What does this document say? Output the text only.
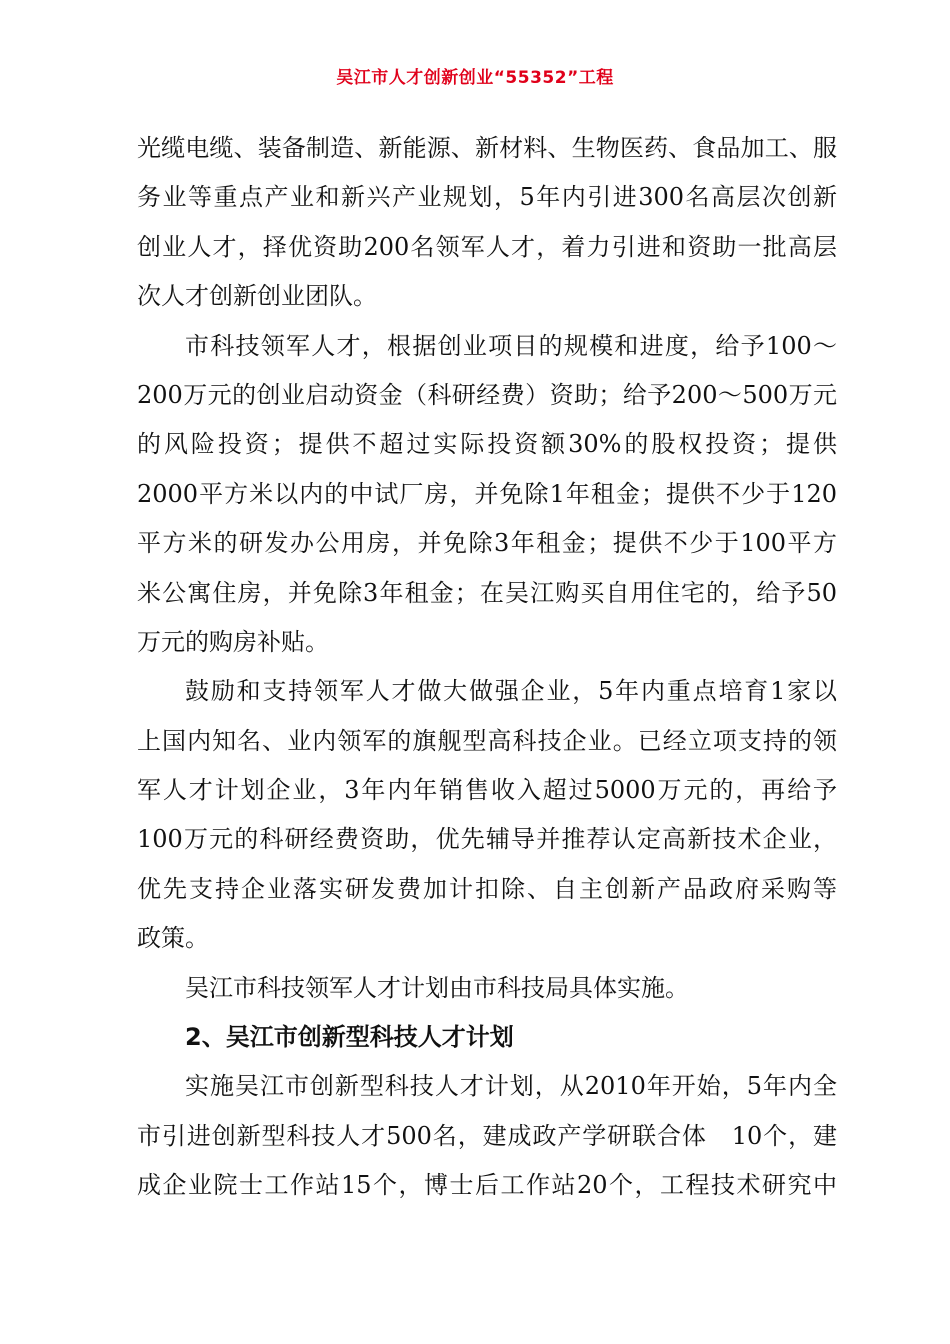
吴江市人才创新创业“55352”工程
光缆电缆、装备制造、新能源、新材料、生物医药、食品加工、服
务业等重点产业和新兴产业规划，5年内引进300名高层次创新
创业人才，择优资助200名领军人才，着力引进和资助一批高层
次人才创新创业团队。
市科技领军人才，根据创业项目的规模和进度，给予100～
200万元的创业启动资金（科研经费）资助；给予200～500万元
的风险投资；提供不超过实际投资额30%的股权投资；提供
2000平方米以内的中试厂房，并免除1年租金；提供不少于120
平方米的研发办公用房，并免除3年租金；提供不少于100平方
米公寓住房，并免除3年租金；在吴江购买自用住宅的，给予50
万元的购房补贴。
鼓励和支持领军人才做大做强企业，5年内重点培育1家以
上国内知名、业内领军的旗舰型高科技企业。已经立项支持的领
军人才计划企业，3年内年销售收入超过5000万元的，再给予
100万元的科研经费资助，优先辅导并推荐认定高新技术企业，
优先支持企业落实研发费加计扣除、自主创新产品政府采购等
政策。
吴江市科技领军人才计划由市科技局具体实施。
2、吴江市创新型科技人才计划
实施吴江市创新型科技人才计划，从2010年开始，5年内全
市引进创新型科技人才500名，建成政产学研联合体　10个，建
成企业院士工作站15个，博士后工作站20个，工程技术研究中
